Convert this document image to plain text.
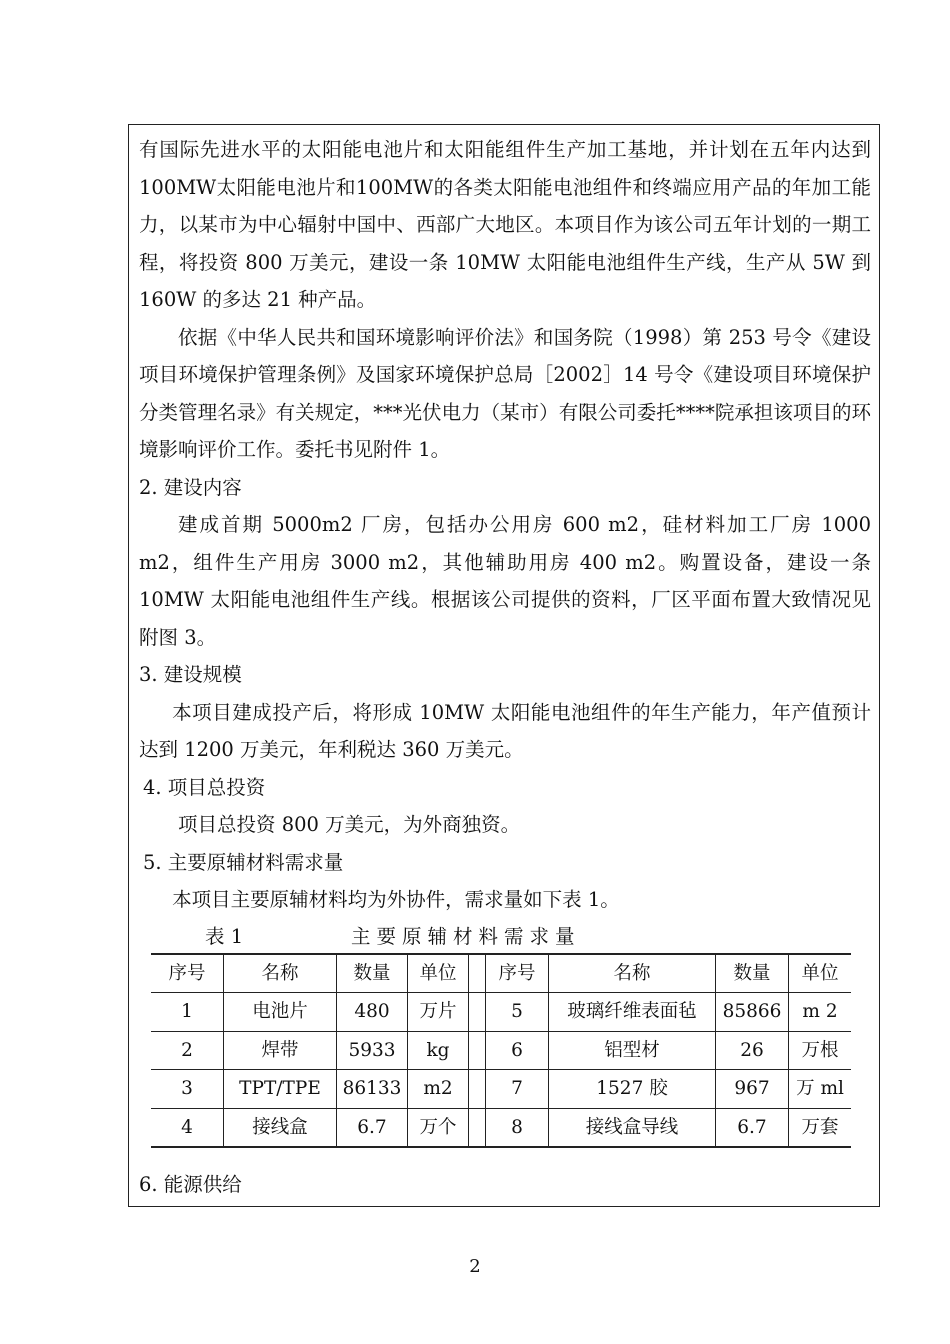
有国际先进水平的太阳能电池片和太阳能组件生产加工基地，并计划在五年内达到100MW太阳能电池片和100MW的各类太阳能电池组件和终端应用产品的年加工能力，以某市为中心辐射中国中、西部广大地区。本项目作为该公司五年计划的一期工程，将投资 800 万美元，建设一条 10MW 太阳能电池组件生产线，生产从 5W 到 160W 的多达 21 种产品。

依据《中华人民共和国环境影响评价法》和国务院（1998）第 253 号令《建设项目环境保护管理条例》及国家环境保护总局［2002］14 号令《建设项目环境保护分类管理名录》有关规定，***光伏电力（某市）有限公司委托****院承担该项目的环境影响评价工作。委托书见附件 1。

2. 建设内容

建成首期 5000m2 厂房，包括办公用房 600 m2，硅材料加工厂房 1000 m2，组件生产用房 3000 m2，其他辅助用房 400 m2。购置设备，建设一条 10MW 太阳能电池组件生产线。根据该公司提供的资料，厂区平面布置大致情况见附图 3。

3. 建设规模

本项目建成投产后，将形成 10MW 太阳能电池组件的年生产能力，年产值预计达到 1200 万美元，年利税达 360 万美元。

4. 项目总投资

项目总投资 800 万美元，为外商独资。

5. 主要原辅材料需求量

本项目主要原辅材料均为外协件，需求量如下表 1。

表 1	主要原辅材料需求量
序号	名称	数量	单位		序号	名称	数量	单位
1	电池片	480	万片		5	玻璃纤维表面毡	85866	m 2
2	焊带	5933	kg		6	铝型材	26	万根
3	TPT/TPE	86133	m2		7	1527 胶	967	万 ml
4	接线盒	6.7	万个		8	接线盒导线	6.7	万套

6. 能源供给

2
